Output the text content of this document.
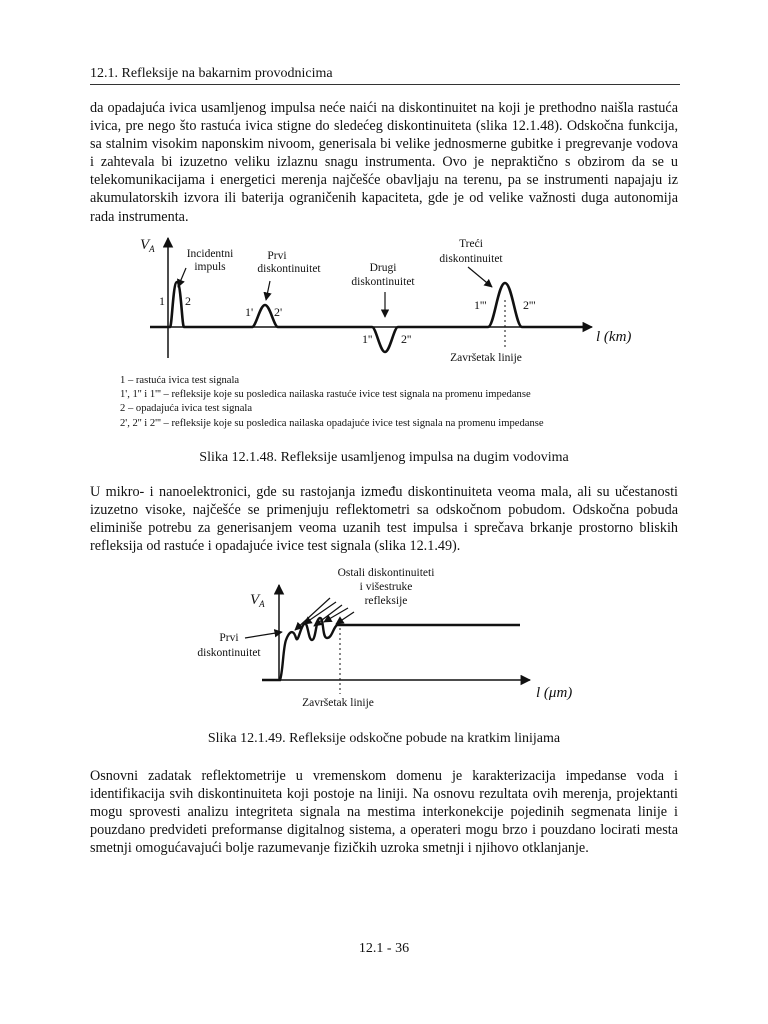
12.1. Refleksije na bakarnim provodnicima
da opadajuća ivica usamljenog impulsa neće naići na diskontinuitet na koji je prethodno naišla rastuća ivica, pre nego što rastuća ivica stigne do sledećeg diskontinuiteta (slika 12.1.48). Odskočna funkcija, sa stalnim visokim naponskim nivoom, generisala bi velike jednosmerne gubitke i pregrevanje vodova i zahtevala bi izuzetno veliku izlaznu snagu instrumenta. Ovo je nepraktično s obzirom da se u telekomunikacijama i energetici merenja najčešće obavljaju na terenu, pa se instrumenti napajaju iz akumulatorskih izvora ili baterija ograničenih kapaciteta, gde je od velike važnosti duga autonomija rada instrumenta.
$V_A$
l (km)
Incidentni
impuls
Prvi
diskontinuitet	Drugi
diskontinuitet
Treći
diskontinuitet
Završetak linije
1 2
1' 2'
1'' 2''
1'''	2'''
1 – rastuća ivica test signala
1', 1'' i 1''' – refleksije koje su posledica nailaska rastuće ivice test signala na promenu impedanse
2 – opadajuća ivica test signala
2', 2'' i 2''' – refleksije koje su posledica nailaska opadajuće ivice test signala na promenu impedanse
Slika 12.1.48. Refleksije usamljenog impulsa na dugim vodovima
U mikro- i nanoelektronici, gde su rastojanja između diskontinuiteta veoma mala, ali su učestanosti izuzetno visoke, najčešće se primenjuju reflektometri sa odskočnom pobudom. Odskočna pobuda eliminiše potrebu za generisanjem veoma uzanih test impulsa i sprečava brkanje prostorno bliskih refleksija od rastuće i opadajuće ivice test signala (slika 12.1.49).
$V_A$
l (μm)
Ostali diskontinuiteti
i višestruke
refleksije
Prvi
diskontinuitet
Završetak linije
Slika 12.1.49. Refleksije odskočne pobude na kratkim linijama
Osnovni zadatak reflektometrije u vremenskom domenu je karakterizacija impedanse voda i identifikacija svih diskontinuiteta koji postoje na liniji. Na osnovu rezultata ovih merenja, projektanti mogu sprovesti analizu integriteta signala na mestima interkonekcije pojedinih segmenata linije i pouzdano predvideti preformanse digitalnog sistema, a operateri mogu brzo i pouzdano locirati mesta smetnji omogućavajući bolje razumevanje fizičkih uzroka smetnji i njihovo otklanjanje.
12.1 - 36
